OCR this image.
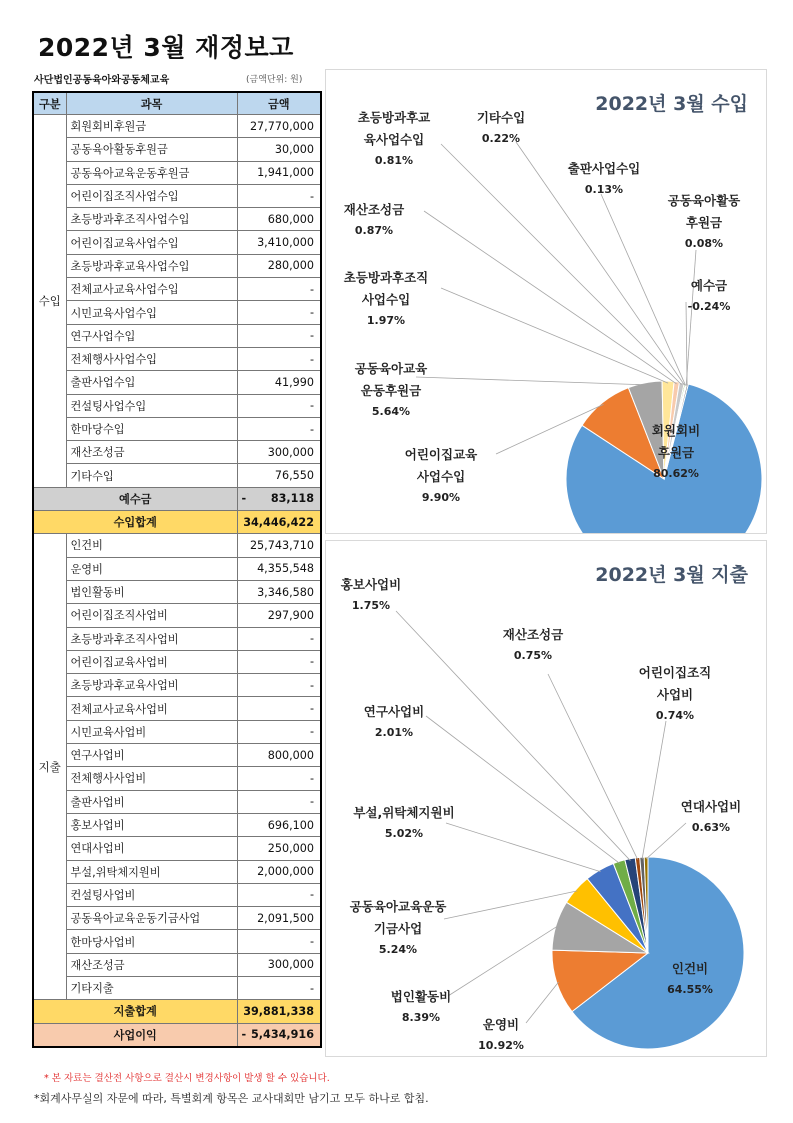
2022년 3월 재정보고
사단법인공동육아와공동체교육	(금액단위: 원)
구분	과목	금액
수입	회원회비후원금	27,770,000
	공동육아활동후원금	30,000
	공동육아교육운동후원금	1,941,000
	어린이집조직사업수입	-
	초등방과후조직사업수입	680,000
	어린이집교육사업수입	3,410,000
	초등방과후교육사업수입	280,000
	전체교사교육사업수입	-
	시민교육사업수입	-
	연구사업수입	-
	전체행사사업수입	-
	출판사업수입	41,990
	컨설팅사업수입	-
	한마당수입	-
	재산조성금	300,000
	기타수입	76,550
예수금		- 83,118
수입합계		34,446,422
지출	인건비	25,743,710
	운영비	4,355,548
	법인활동비	3,346,580
	어린이집조직사업비	297,900
	초등방과후조직사업비	-
	어린이집교육사업비	-
	초등방과후교육사업비	-
	전체교사교육사업비	-
	시민교육사업비	-
	연구사업비	800,000
	전체행사사업비	-
	출판사업비	-
	홍보사업비	696,100
	연대사업비	250,000
	부설,위탁체지원비	2,000,000
	컨설팅사업비	-
	공동육아교육운동기금사업	2,091,500
	한마당사업비	-
	재산조성금	300,000
	기타지출	-
지출합계		39,881,338
사업이익		- 5,434,916
2022년 3월 수입
회원회비
후원금
80.62%
어린이집교육
사업수입
9.90%
공동육아교육
운동후원금
5.64%
초등방과후조직
사업수입
1.97%
재산조성금
0.87%
초등방과후교
육사업수입
0.81%
기타수입
0.22%
출판사업수입
0.13%
공동육아활동
후원금
0.08%
예수금
-0.24%
2022년 3월 지출
인건비
64.55%
운영비
10.92%
법인활동비
8.39%
공동육아교육운동
기금사업
5.24%
부설,위탁체지원비
5.02%
연구사업비
2.01%
홍보사업비
1.75%
재산조성금
0.75%
어린이집조직
사업비
0.74%
연대사업비
0.63%
* 본 자료는 결산전 사항으로 결산시 변경사항이 발생 할 수 있습니다.
*회계사무실의 자문에 따라, 특별회계 항목은 교사대회만 남기고 모두 하나로 합침.
